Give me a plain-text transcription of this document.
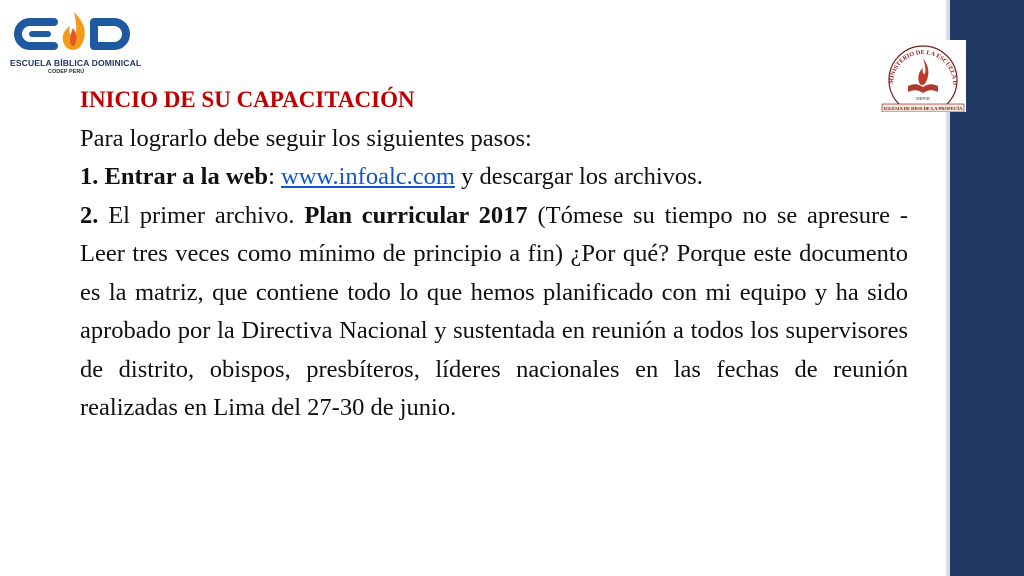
ESCUELA BÍBLICA DOMINICAL
CODEP PERÚ
MINISTERIO DE LA ESCUELA D
DEPIS
IGLESIA DE DIOS DE LA PROFECÍA

INICIO DE SU CAPACITACIÓN

Para lograrlo debe seguir los siguientes pasos:

1. Entrar a la web: www.infoalc.com y descargar los archivos.

2. El primer archivo. Plan curricular 2017 (Tómese su tiempo no se apresure - Leer tres veces como mínimo de principio a fin) ¿Por qué? Porque este documento es la matriz, que contiene todo lo que hemos planificado con mi equipo y ha sido aprobado por la Directiva Nacional y sustentada en reunión a todos los supervisores de distrito, obispos, presbíteros, líderes nacionales en las fechas de reunión realizadas en Lima del 27-30 de junio.
